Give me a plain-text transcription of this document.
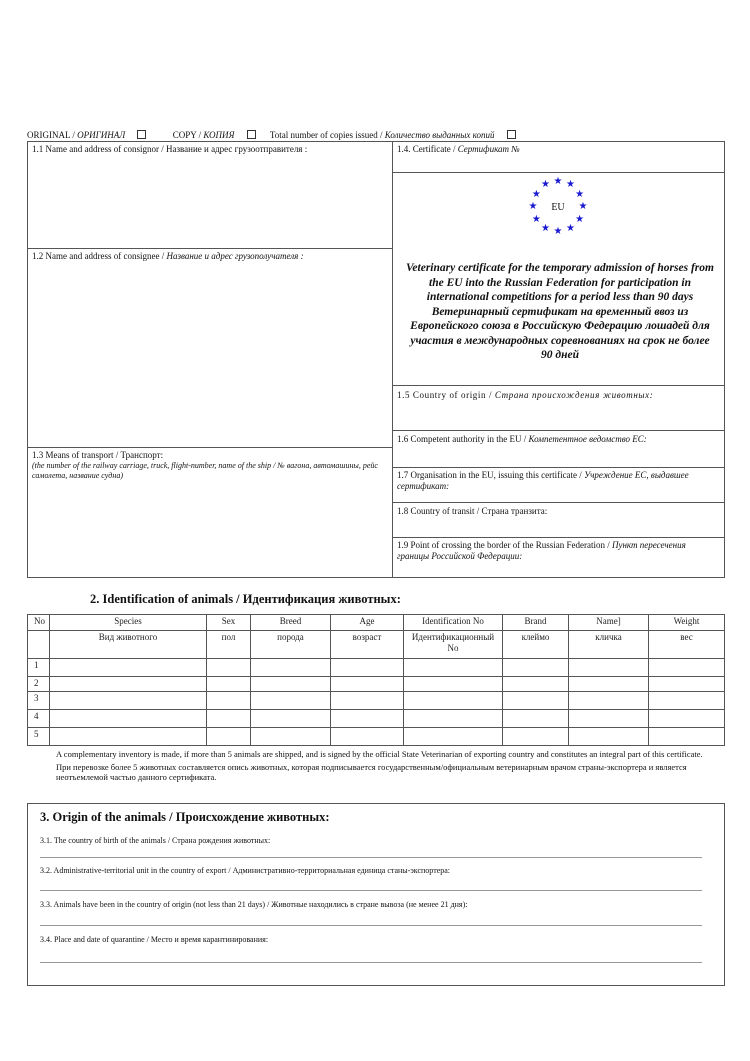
ORIGINAL / ОРИГИНАЛ	COPY / КОПИЯ	Total number of copies issued / Количество выданных копий
1.1 Name and address of consignor / Название и адрес грузоотправителя :	1.4. Certificate / Сертификат №
★ ★
★
★
★
★
★
★
★
★
★
★
EU
Veterinary certificate for the temporary admission of horses from the EU into the Russian Federation for participation in international competitions for a period less than 90 days
Ветеринарный сертификат на временный ввоз из Европейского союза в Российскую Федерацию лошадей для участия в международных соревнованиях на срок не более 90 дней
1.2 Name and address of consignee / Название и адрес грузополучателя :
1.5 Country of origin / Страна происхождения животных:
1.6 Competent authority in the EU / Компетентное ведомство ЕС:
1.3 Means of transport / Транспорт:
(the number of the railway carriage, truck, flight-number, name of the ship / № вагона, автомашины, рейс самолета, название судна)	1.7 Organisation in the EU, issuing this certificate / Учреждение ЕС, выдавшее сертификат:
1.8 Country of transit / Страна транзита:
1.9 Point of crossing the border of the Russian Federation / Пункт пересечения границы Российской Федерации:
2. Identification of animals / Идентификация животных:
No	Species	Sex	Breed	Age	Identification No	Brand	Name]	Weight
	Вид животного	пол	порода	возраст	Идентификационный No	клеймо	кличка	вес
1								
2								
3								
4								
5								
A complementary inventory is made, if more than 5 animals are shipped, and is signed by the official State Veterinarian of exporting country and constitutes an integral part of this certificate.
При перевозке более 5 животных составляется опись животных, которая подписывается государственным/официальным ветеринарным врачом страны-экспортера и является неотъемлемой частью данного сертификата.
3. Origin of the animals / Происхождение животных:
3.1. The country of birth of the animals / Страна рождения животных:
3.2. Administrative-territorial unit in the country of export / Административно-территориальная единица станы-экспортера:
3.3. Animals have been in the country of origin (not less than 21 days) / Животные находились в стране вывоза (не менее 21 дня):
3.4. Place and date of quarantine / Место и время карантинирования:
